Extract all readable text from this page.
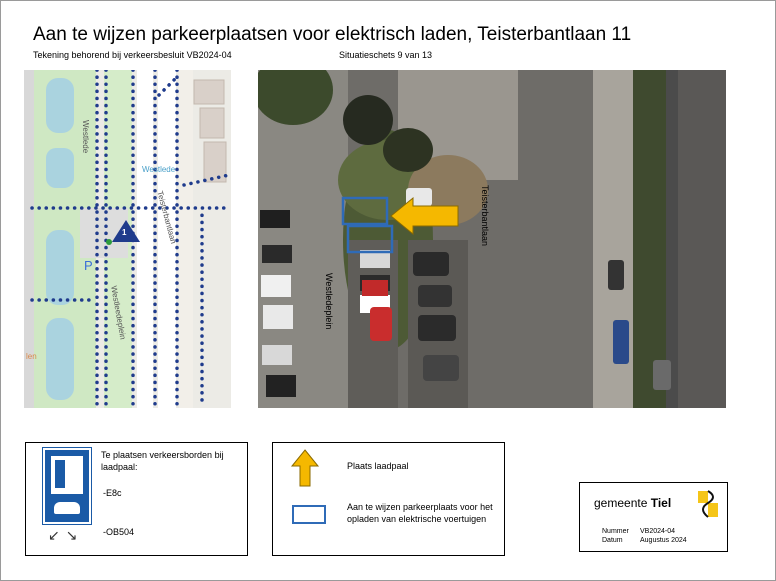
Aan te wijzen parkeerplaatsen voor elektrisch laden, Teisterbantlaan 11
Tekening behorend bij verkeersbesluit VB2024-04	Situatieschets 9 van 13
1
P
Westlede
Teisterbantlaan
Westleedeplein
Westlede
len
Teisterbantlaan
Westledeplein
↙↘
Te plaatsen verkeersborden bij laadpaal:
-E8c
-OB504
Plaats laadpaal
Aan te wijzen parkeerplaats voor het opladen van elektrische voertuigen
gemeente Tiel
Nummer
Datum
VB2024-04
Augustus 2024
